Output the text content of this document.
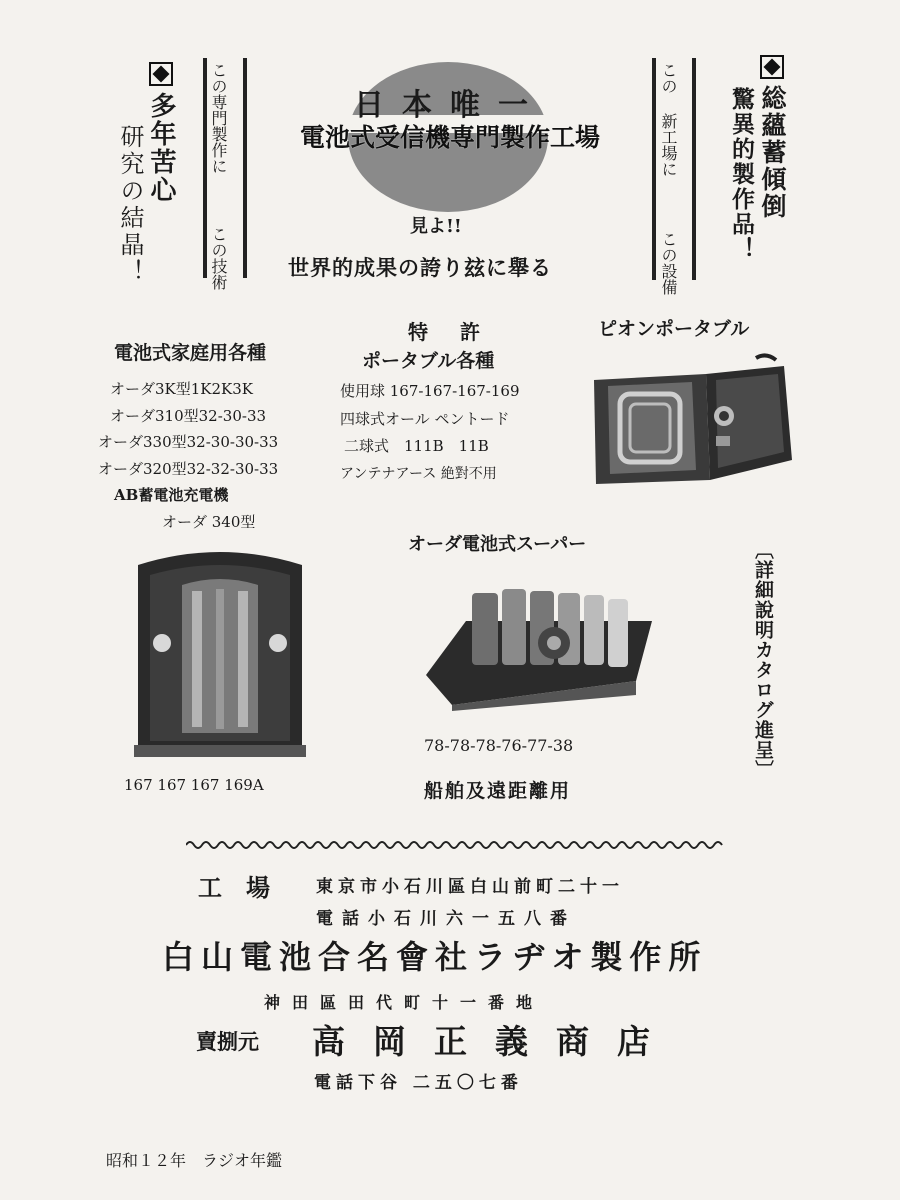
多年苦心
研究の結晶！
この専門製作に  この技術
日本唯一
電池式受信機専門製作工場
見よ!!
世界的成果の誇り玆に舉る
この 新工場に  この設備
総蘊蓄傾倒
驚異的製作品！
電池式家庭用各種
オーダ3K型1K2K3K
オーダ310型32-30-33
オーダ330型32-30-30-33
オーダ320型32-32-30-33
AB蓄電池充電機
オーダ 340型
特　許
ポータブル各種
使用球 167-167-167-169
四球式オール ペントード
二球式　111B　11B
アンテナアース 絶對不用
ピオンポータブル
〔詳細說明カタログ進呈〕
167 167 167 169A
オーダ電池式スーパー
78-78-78-76-77-38
船舶及遠距離用
工　場	東京市小石川區白山前町二十一
電話小石川六一五八番
白山電池合名會社ラヂオ製作所
神田區田代町十一番地
賣捌元 高岡正義商店
電話下谷 二五〇七番
昭和１２年　ラジオ年鑑
